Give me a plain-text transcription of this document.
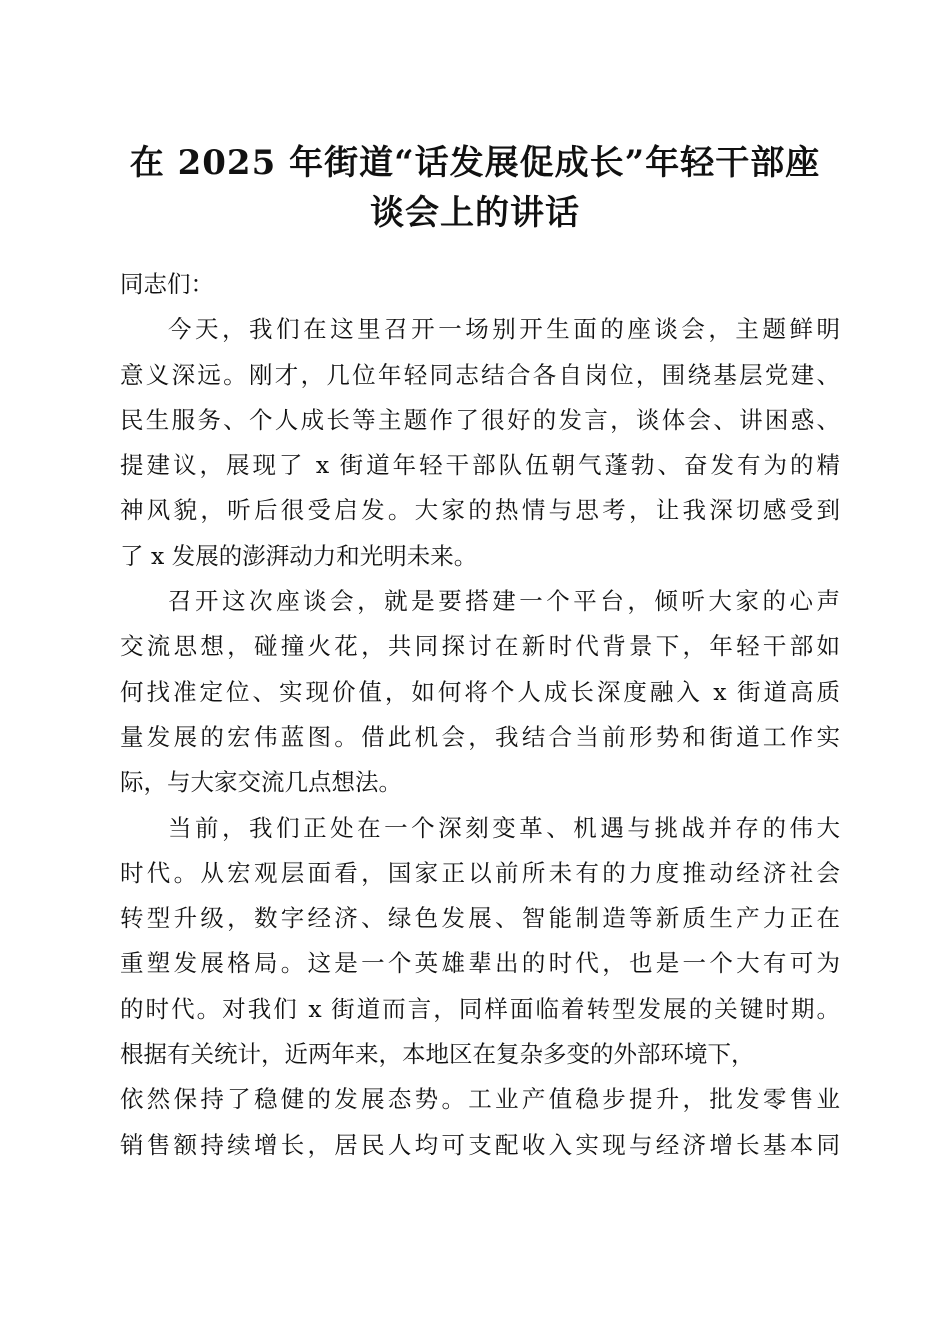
在 2025 年街道“话发展促成长”年轻干部座
谈会上的讲话
同志们：
今天，我们在这里召开一场别开生面的座谈会，主题鲜明
意义深远。刚才，几位年轻同志结合各自岗位，围绕基层党建、
民生服务、个人成长等主题作了很好的发言，谈体会、讲困惑、
提建议，展现了 x 街道年轻干部队伍朝气蓬勃、奋发有为的精
神风貌，听后很受启发。大家的热情与思考，让我深切感受到
了 x 发展的澎湃动力和光明未来。
召开这次座谈会，就是要搭建一个平台，倾听大家的心声
交流思想，碰撞火花，共同探讨在新时代背景下，年轻干部如
何找准定位、实现价值，如何将个人成长深度融入 x 街道高质
量发展的宏伟蓝图。借此机会，我结合当前形势和街道工作实
际，与大家交流几点想法。
当前，我们正处在一个深刻变革、机遇与挑战并存的伟大
时代。从宏观层面看，国家正以前所未有的力度推动经济社会
转型升级，数字经济、绿色发展、智能制造等新质生产力正在
重塑发展格局。这是一个英雄辈出的时代，也是一个大有可为
的时代。对我们 x 街道而言，同样面临着转型发展的关键时期。
根据有关统计，近两年来，本地区在复杂多变的外部环境下，
依然保持了稳健的发展态势。工业产值稳步提升，批发零售业
销售额持续增长，居民人均可支配收入实现与经济增长基本同
